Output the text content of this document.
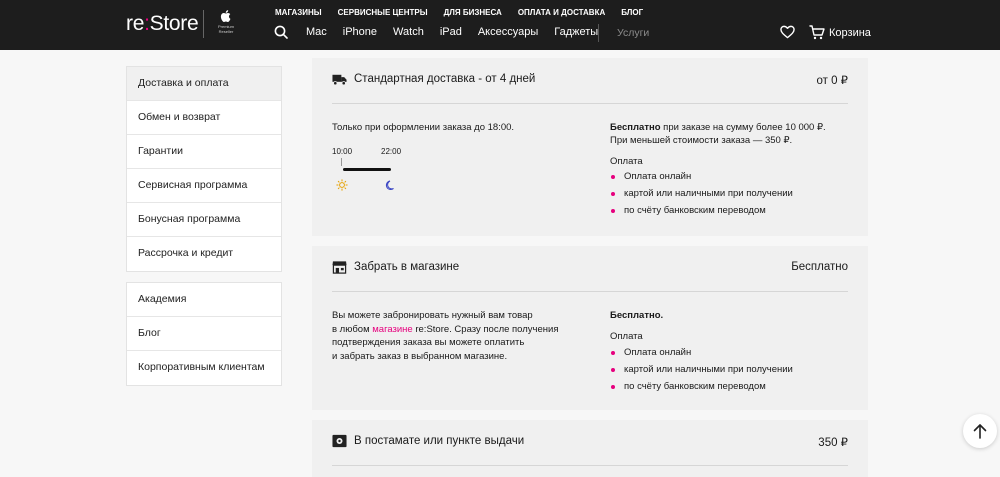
re:Store	Premium
Reseller
МАГАЗИНЫ СЕРВИСНЫЕ ЦЕНТРЫ ДЛЯ БИЗНЕСА ОПЛАТА И ДОСТАВКА БЛОГ
Mac iPhone Watch iPad Аксессуары Гаджеты Услуги	Корзина
Доставка и оплата
Обмен и возврат
Гарантии
Сервисная программа
Бонусная программа
Рассрочка и кредит
Академия
Блог
Корпоративным клиентам
Стандартная доставка - от 4 дней	от 0 ₽
Только при оформлении заказа до 18:00.
10:00	22:00
Бесплатно при заказе на сумму более 10 000 ₽.
При меньшей стоимости заказа — 350 ₽.
Оплата
Оплата онлайн
картой или наличными при получении
по счёту банковским переводом
Забрать в магазине	Бесплатно
Вы можете забронировать нужный вам товар
в любом магазине re:Store. Сразу после получения
подтверждения заказа вы можете оплатить
и забрать заказ в выбранном магазине.
Бесплатно.
Оплата
Оплата онлайн
картой или наличными при получении
по счёту банковским переводом
В постамате или пункте выдачи	350 ₽
